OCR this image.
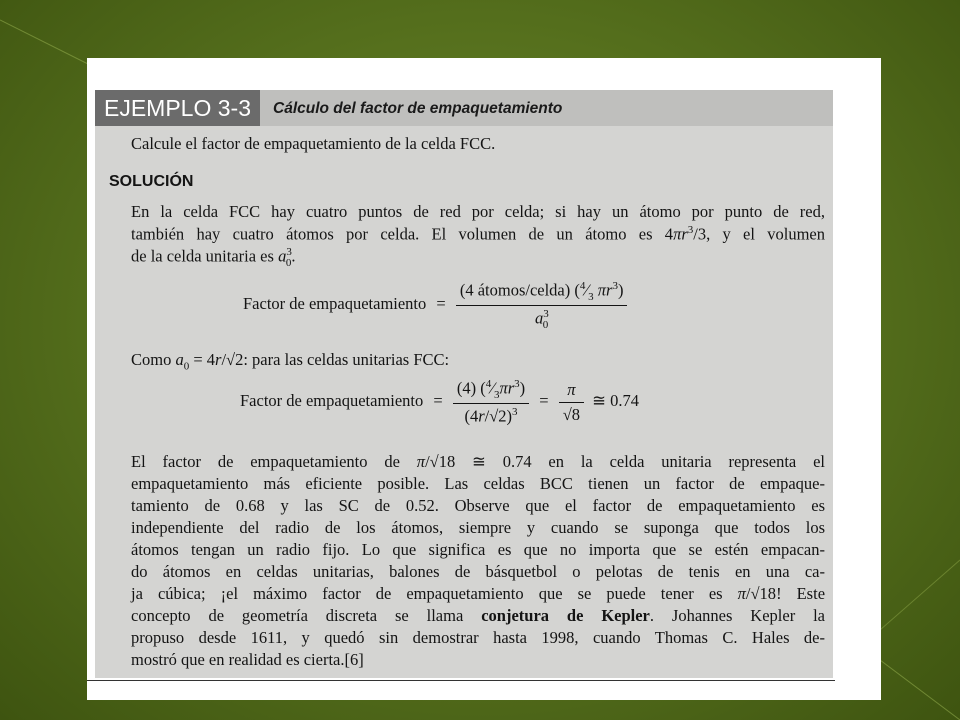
EJEMPLO 3-3	Cálculo del factor de empaquetamiento
Calcule el factor de empaquetamiento de la celda FCC.
SOLUCIÓN
En la celda FCC hay cuatro puntos de red por celda; si hay un átomo por punto de red,
también hay cuatro átomos por celda. El volumen de un átomo es $4\pi r^3/3$, y el volumen
de la celda unitaria es $a^3_0$.
Factor de empaquetamiento = $\frac{(4 átomos/celda) (^4⁄_3 \pi r^3)}{a^3_0}$
Como $a_0 = 4r/√2$: para las celdas unitarias FCC:
Factor de empaquetamiento = $\frac{(4) (^4⁄_3\pi r^3)}{(4r/√2)^3} = \frac{\pi}{√8}$ ≅ 0.74
El factor de empaquetamiento de π/√18 ≅ 0.74 en la celda unitaria representa el
empaquetamiento más eficiente posible. Las celdas BCC tienen un factor de empaque-
tamiento de 0.68 y las SC de 0.52. Observe que el factor de empaquetamiento es
independiente del radio de los átomos, siempre y cuando se suponga que todos los
átomos tengan un radio fijo. Lo que significa es que no importa que se estén empacan-
do átomos en celdas unitarias, balones de básquetbol o pelotas de tenis en una ca-
ja cúbica; ¡el máximo factor de empaquetamiento que se puede tener es π/√18! Este
concepto de geometría discreta se llama conjetura de Kepler. Johannes Kepler la
propuso desde 1611, y quedó sin demostrar hasta 1998, cuando Thomas C. Hales de-
mostró que en realidad es cierta.[6]
